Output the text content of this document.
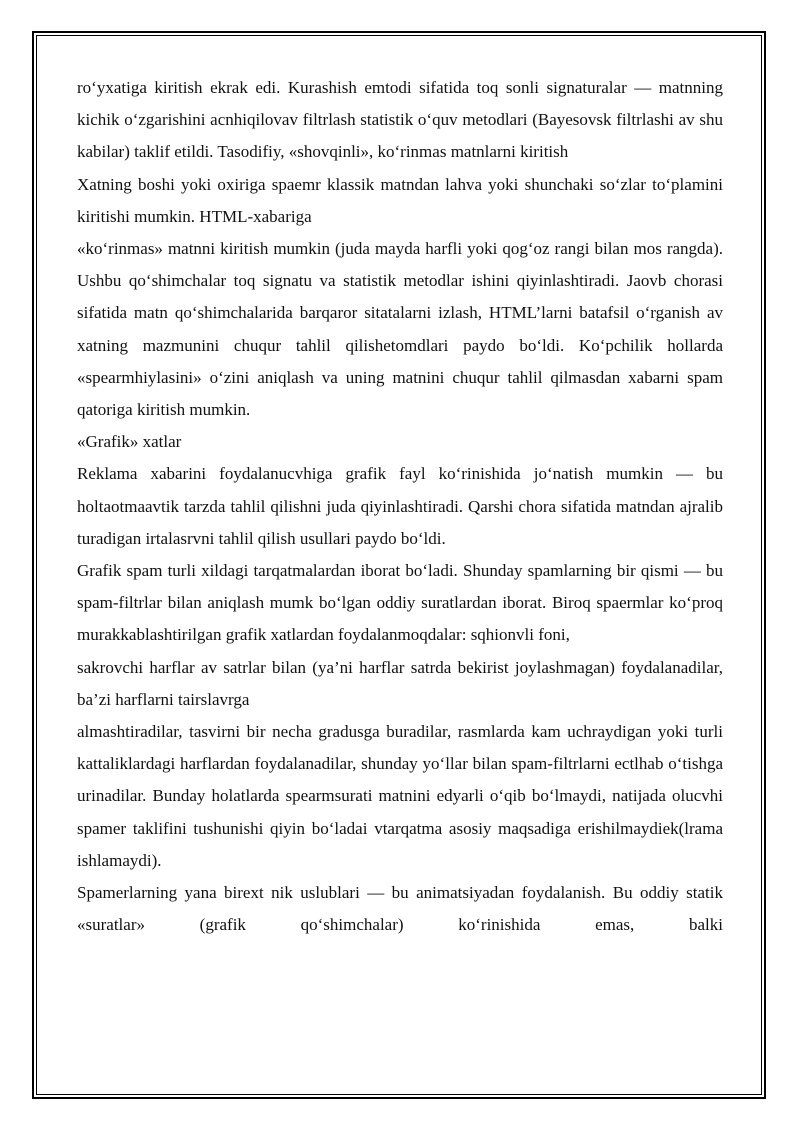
ro‘yxatiga kiritish ekrak edi. Kurashish emtodi sifatida toq sonli signaturalar — matnning kichik o‘zgarishini acnhiqilovav filtrlash statistik o‘quv metodlari (Bayesovsk filtrlashi av shu kabilar) taklif etildi. Tasodifiy, «shovqinli», ko‘rinmas matnlarni kiritish

Xatning boshi yoki oxiriga spaemr klassik matndan lahva yoki shunchaki so‘zlar to‘plamini kiritishi mumkin. HTML-xabariga

«ko‘rinmas» matnni kiritish mumkin (juda mayda harfli yoki qog‘oz rangi bilan mos rangda). Ushbu qo‘shimchalar toq signatu va statistik metodlar ishini qiyinlashtiradi. Jaovb chorasi sifatida matn qo‘shimchalarida barqaror sitatalarni izlash, HTML’larni batafsil o‘rganish av xatning mazmunini chuqur tahlil qilishetomdlari paydo bo‘ldi. Ko‘pchilik hollarda «spearmhiylasini» o‘zini aniqlash va uning matnini chuqur tahlil qilmasdan xabarni spam qatoriga kiritish mumkin.

«Grafik» xatlar

Reklama xabarini foydalanucvhiga grafik fayl ko‘rinishida jo‘natish mumkin — bu holtaotmaavtik tarzda tahlil qilishni juda qiyinlashtiradi. Qarshi chora sifatida matndan ajralib turadigan irtalasrvni tahlil qilish usullari paydo bo‘ldi.

Grafik spam turli xildagi tarqatmalardan iborat bo‘ladi. Shunday spamlarning bir qismi — bu spam-filtrlar bilan aniqlash mumk bo‘lgan oddiy suratlardan iborat. Biroq spaermlar ko‘proq murakkablashtirilgan grafik xatlardan foydalanmoqdalar: sqhionvli foni,

sakrovchi harflar av satrlar bilan (ya’ni harflar satrda bekirist joylashmagan) foydalanadilar, ba’zi harflarni tairslavrga

almashtiradilar, tasvirni bir necha gradusga buradilar, rasmlarda kam uchraydigan yoki turli kattaliklardagi harflardan foydalanadilar, shunday yo‘llar bilan spam-filtrlarni ectlhab o‘tishga urinadilar. Bunday holatlarda spearmsurati matnini edyarli o‘qib bo‘lmaydi, natijada olucvhi spamer taklifini tushunishi qiyin bo‘ladai vtarqatma asosiy maqsadiga erishilmaydiek(lrama ishlamaydi).

Spamerlarning yana birext nik uslublari — bu animatsiyadan foydalanish. Bu oddiy statik «suratlar» (grafik qo‘shimchalar) ko‘rinishida emas, balki
